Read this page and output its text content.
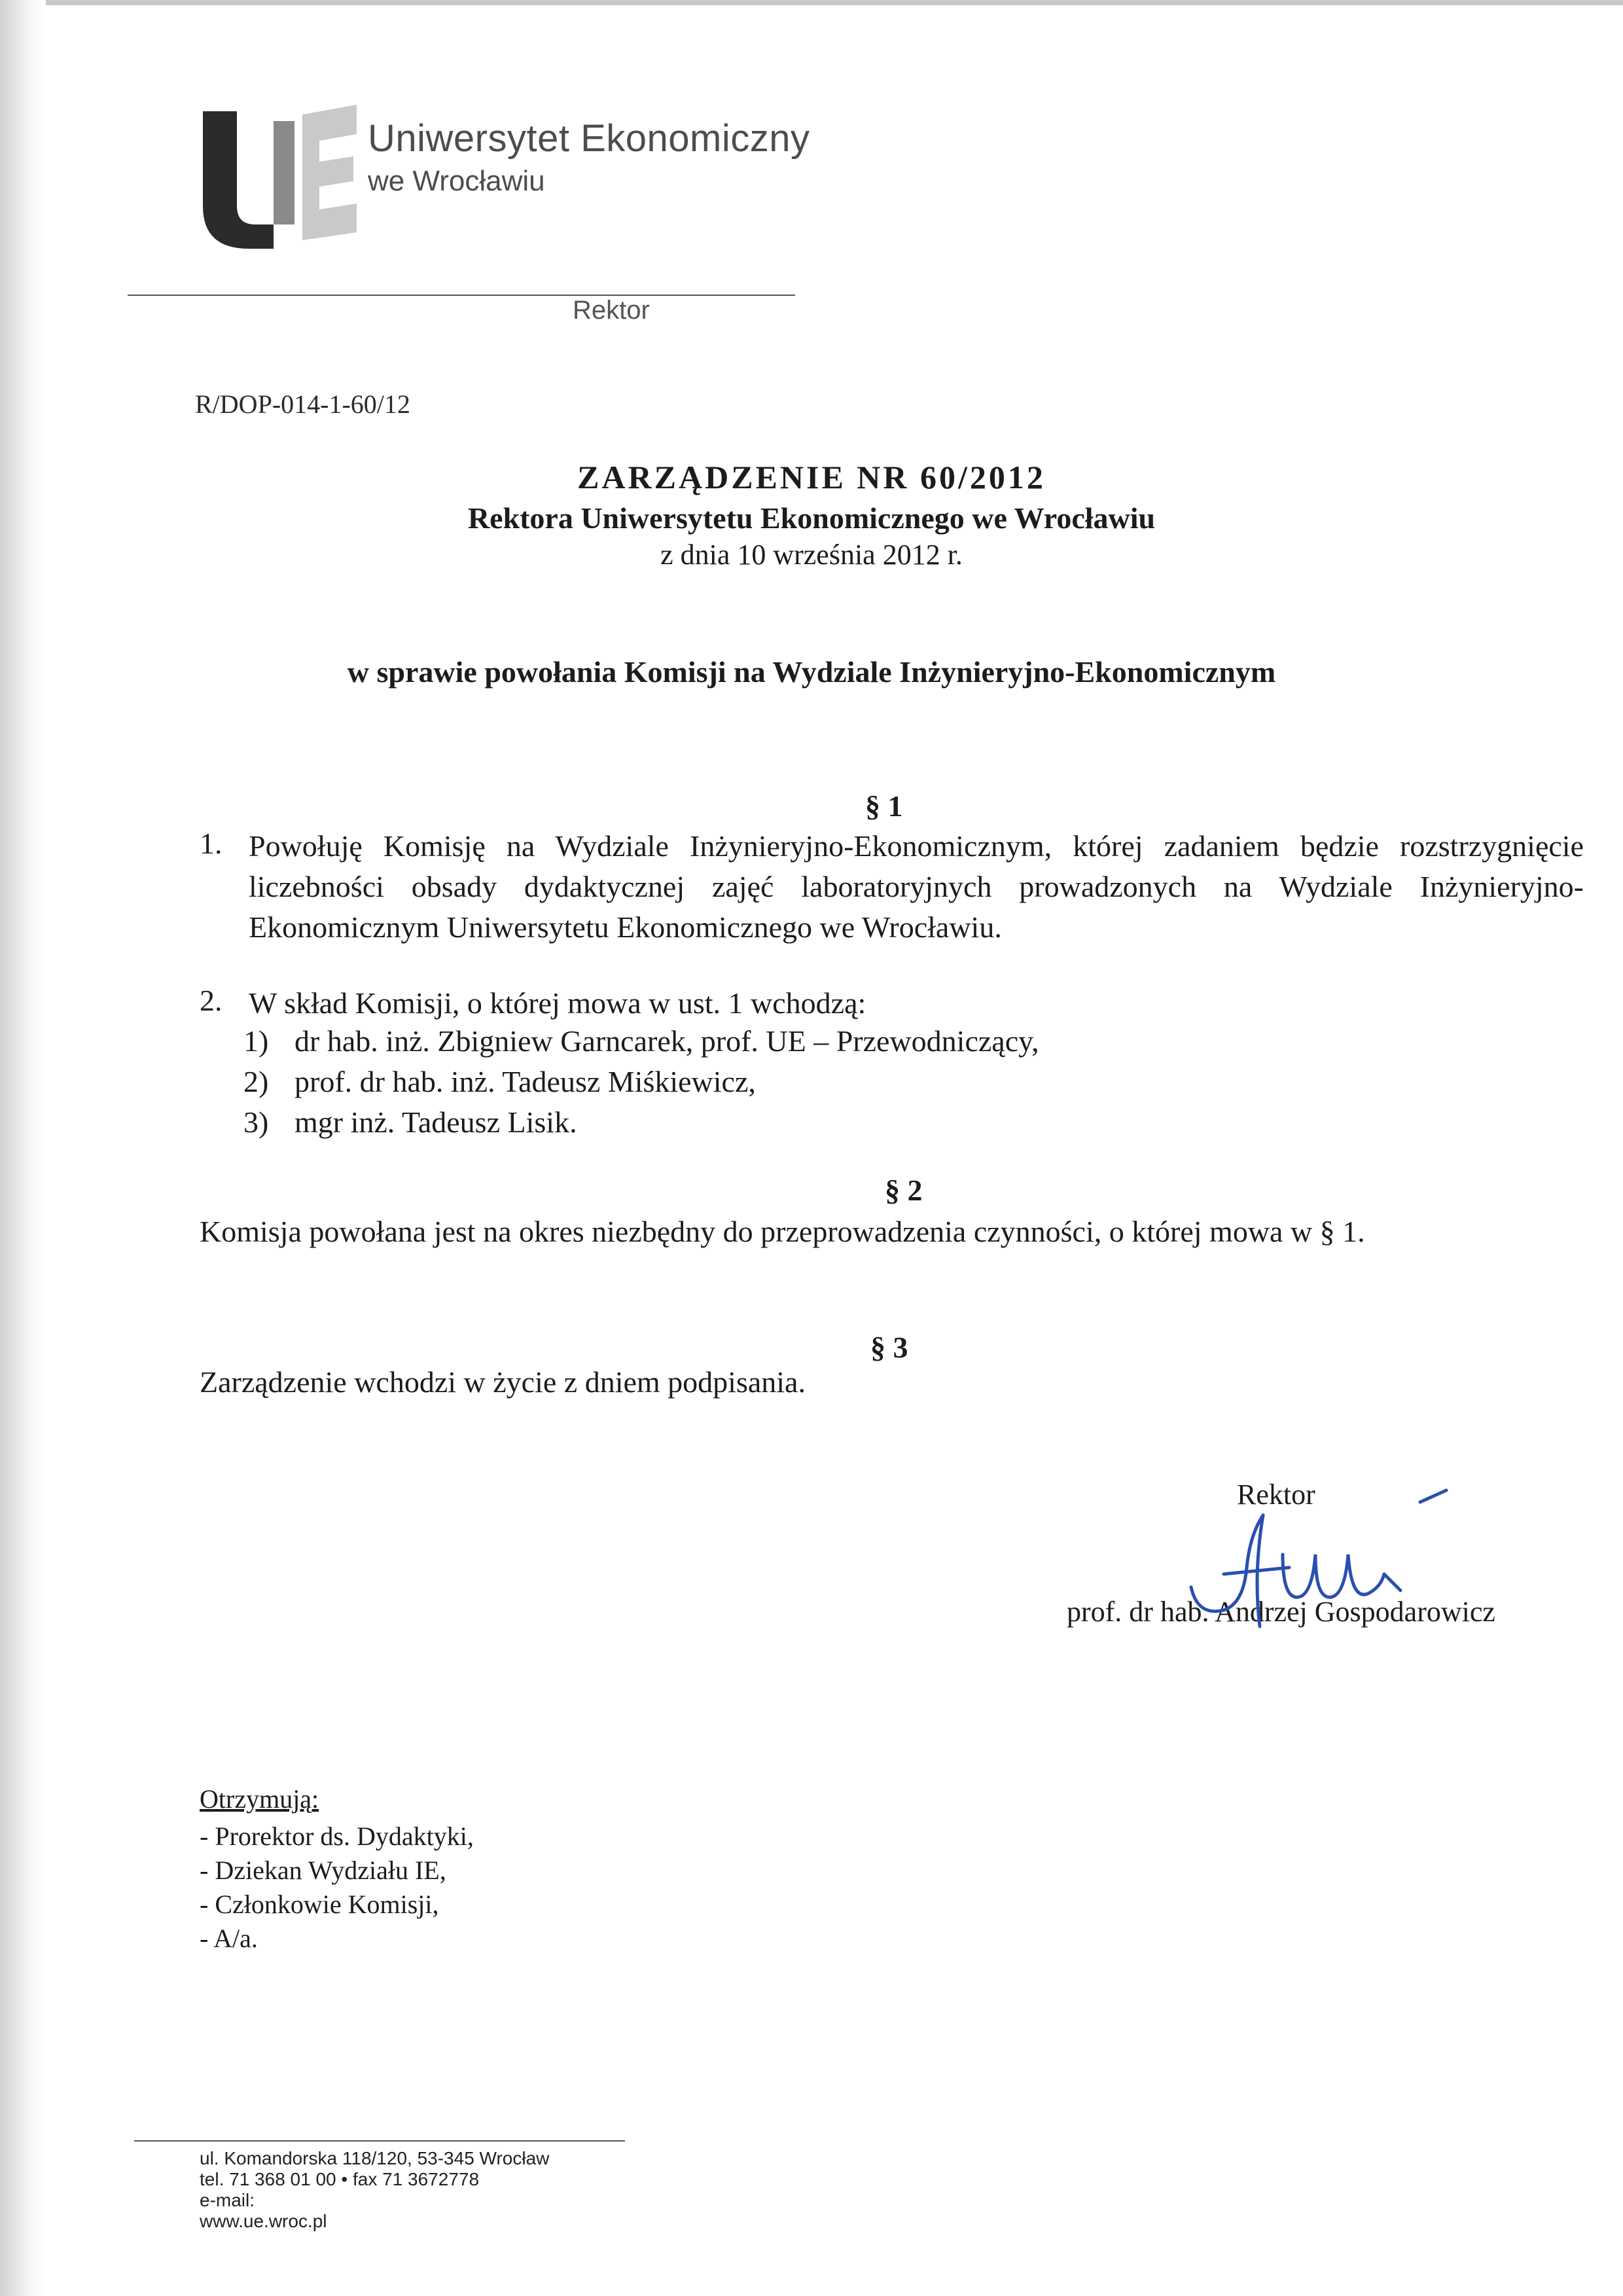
Uniwersytet Ekonomiczny
we Wrocławiu
Rektor
R/DOP-014-1-60/12
ZARZĄDZENIE NR 60/2012
Rektora Uniwersytetu Ekonomicznego we Wrocławiu
z dnia 10 września 2012 r.
w sprawie powołania Komisji na Wydziale Inżynieryjno-Ekonomicznym
§ 1
1. Powołuję Komisję na Wydziale Inżynieryjno-Ekonomicznym, której zadaniem będzie rozstrzygnięcie liczebności obsady dydaktycznej zajęć laboratoryjnych prowadzonych na Wydziale Inżynieryjno-Ekonomicznym Uniwersytetu Ekonomicznego we Wrocławiu.
2. W skład Komisji, o której mowa w ust. 1 wchodzą:
1) dr hab. inż. Zbigniew Garncarek, prof. UE – Przewodniczący,
2) prof. dr hab. inż. Tadeusz Miśkiewicz,
3) mgr inż. Tadeusz Lisik.
§ 2
Komisja powołana jest na okres niezbędny do przeprowadzenia czynności, o której mowa w § 1.
§ 3
Zarządzenie wchodzi w życie z dniem podpisania.
Rektor
prof. dr hab. Andrzej Gospodarowicz
Otrzymują:
- Prorektor ds. Dydaktyki,
- Dziekan Wydziału IE,
- Członkowie Komisji,
- A/a.
ul. Komandorska 118/120, 53-345 Wrocław
tel. 71 368 01 00 • fax 71 3672778
e-mail:
www.ue.wroc.pl
